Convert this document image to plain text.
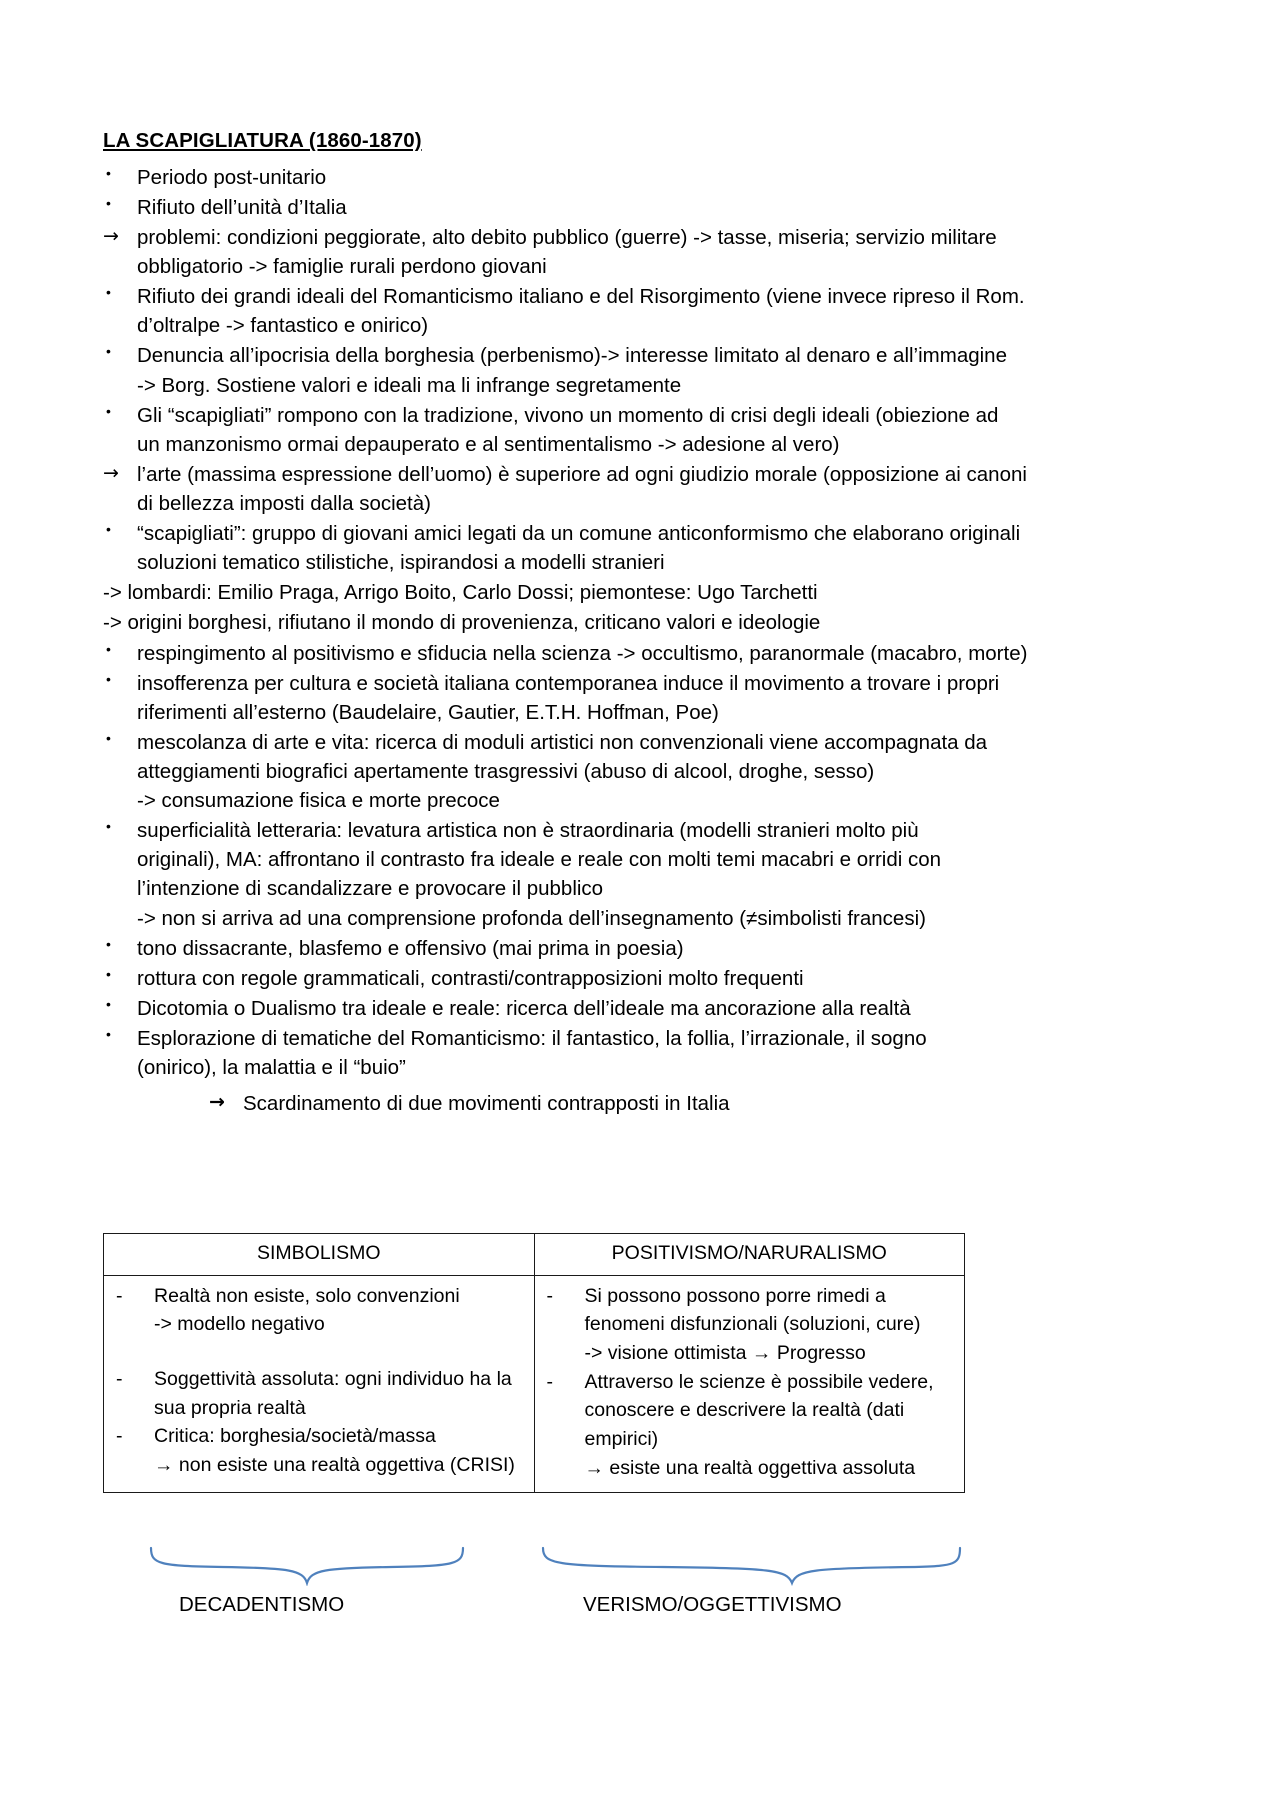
LA SCAPIGLIATURA (1860-1870)
•	Periodo post-unitario
•	Rifiuto dell’unità d’Italia
→ problemi: condizioni peggiorate, alto debito pubblico (guerre) -> tasse, miseria; servizio militare
obbligatorio -> famiglie rurali perdono giovani
•	Rifiuto dei grandi ideali del Romanticismo italiano e del Risorgimento (viene invece ripreso il Rom.
d’oltralpe -> fantastico e onirico)
•	Denuncia all’ipocrisia della borghesia (perbenismo)-> interesse limitato al denaro e all’immagine
-> Borg. Sostiene valori e ideali ma li infrange segretamente
•	Gli “scapigliati” rompono con la tradizione, vivono un momento di crisi degli ideali (obiezione ad
un manzonismo ormai depauperato e al sentimentalismo -> adesione al vero)
→ l’arte (massima espressione dell’uomo) è superiore ad ogni giudizio morale (opposizione ai canoni
di bellezza imposti dalla società)
•	“scapigliati”: gruppo di giovani amici legati da un comune anticonformismo che elaborano originali
soluzioni tematico stilistiche, ispirandosi a modelli stranieri
-> lombardi: Emilio Praga, Arrigo Boito, Carlo Dossi; piemontese: Ugo Tarchetti
-> origini borghesi, rifiutano il mondo di provenienza, criticano valori e ideologie
•	respingimento al positivismo e sfiducia nella scienza -> occultismo, paranormale (macabro, morte)
•	insofferenza per cultura e società italiana contemporanea induce il movimento a trovare i propri
riferimenti all’esterno (Baudelaire, Gautier, E.T.H. Hoffman, Poe)
•	mescolanza di arte e vita: ricerca di moduli artistici non convenzionali viene accompagnata da
atteggiamenti biografici apertamente trasgressivi (abuso di alcool, droghe, sesso)
-> consumazione fisica e morte precoce
•	superficialità letteraria: levatura artistica non è straordinaria (modelli stranieri molto più
originali), MA: affrontano il contrasto fra ideale e reale con molti temi macabri e orridi con
l’intenzione di scandalizzare e provocare il pubblico
-> non si arriva ad una comprensione profonda dell’insegnamento (≠simbolisti francesi)
•	tono dissacrante, blasfemo e offensivo (mai prima in poesia)
•	rottura con regole grammaticali, contrasti/contrapposizioni molto frequenti
•	Dicotomia o Dualismo tra ideale e reale: ricerca dell’ideale ma ancorazione alla realtà
•	Esplorazione di tematiche del Romanticismo: il fantastico, la follia, l’irrazionale, il sogno
(onirico), la malattia e il “buio”
→ Scardinamento di due movimenti contrapposti in Italia
SIMBOLISMO	POSITIVISMO/NARURALISMO

- Realtà non esiste, solo convenzioni
-> modello negativo
- Soggettività assoluta: ogni individuo ha la
sua propria realtà
- Critica: borghesia/società/massa
→ non esiste una realtà oggettiva (CRISI)

- Si possono possono porre rimedi a
fenomeni disfunzionali (soluzioni, cure)
-> visione ottimista → Progresso
- Attraverso le scienze è possibile vedere,
conoscere e descrivere la realtà (dati
empirici)
→ esiste una realtà oggettiva assoluta
DECADENTISMO	VERISMO/OGGETTIVISMO
